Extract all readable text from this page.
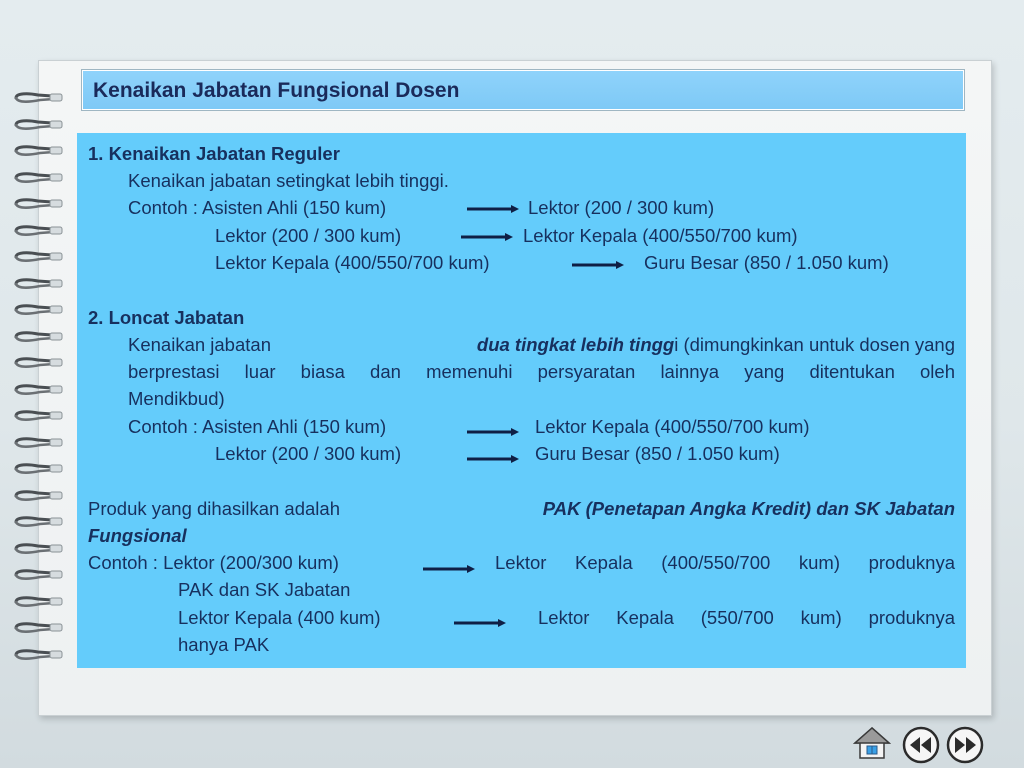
Kenaikan Jabatan Fungsional Dosen
1. Kenaikan Jabatan Reguler
Kenaikan jabatan setingkat lebih tinggi.
Contoh : Asisten Ahli (150 kum)	Lektor (200 / 300 kum)
Lektor (200 / 300 kum)	Lektor Kepala (400/550/700 kum)
Lektor Kepala (400/550/700 kum)	Guru Besar (850 / 1.050 kum)
2. Loncat Jabatan
Kenaikan jabatan	dua tingkat lebih tinggi (dimungkinkan untuk dosen yang
berprestasi luar biasa dan memenuhi persyaratan lainnya yang ditentukan oleh
Mendikbud)
Contoh : Asisten Ahli (150 kum)	Lektor Kepala (400/550/700 kum)
Lektor (200 / 300 kum)	Guru Besar (850 / 1.050 kum)
Produk yang dihasilkan adalah	PAK (Penetapan Angka Kredit) dan SK Jabatan
Fungsional
Contoh : Lektor (200/300 kum)	Lektor Kepala (400/550/700 kum) produknya
PAK dan SK Jabatan
Lektor Kepala (400 kum)	Lektor Kepala (550/700 kum) produknya
hanya PAK
